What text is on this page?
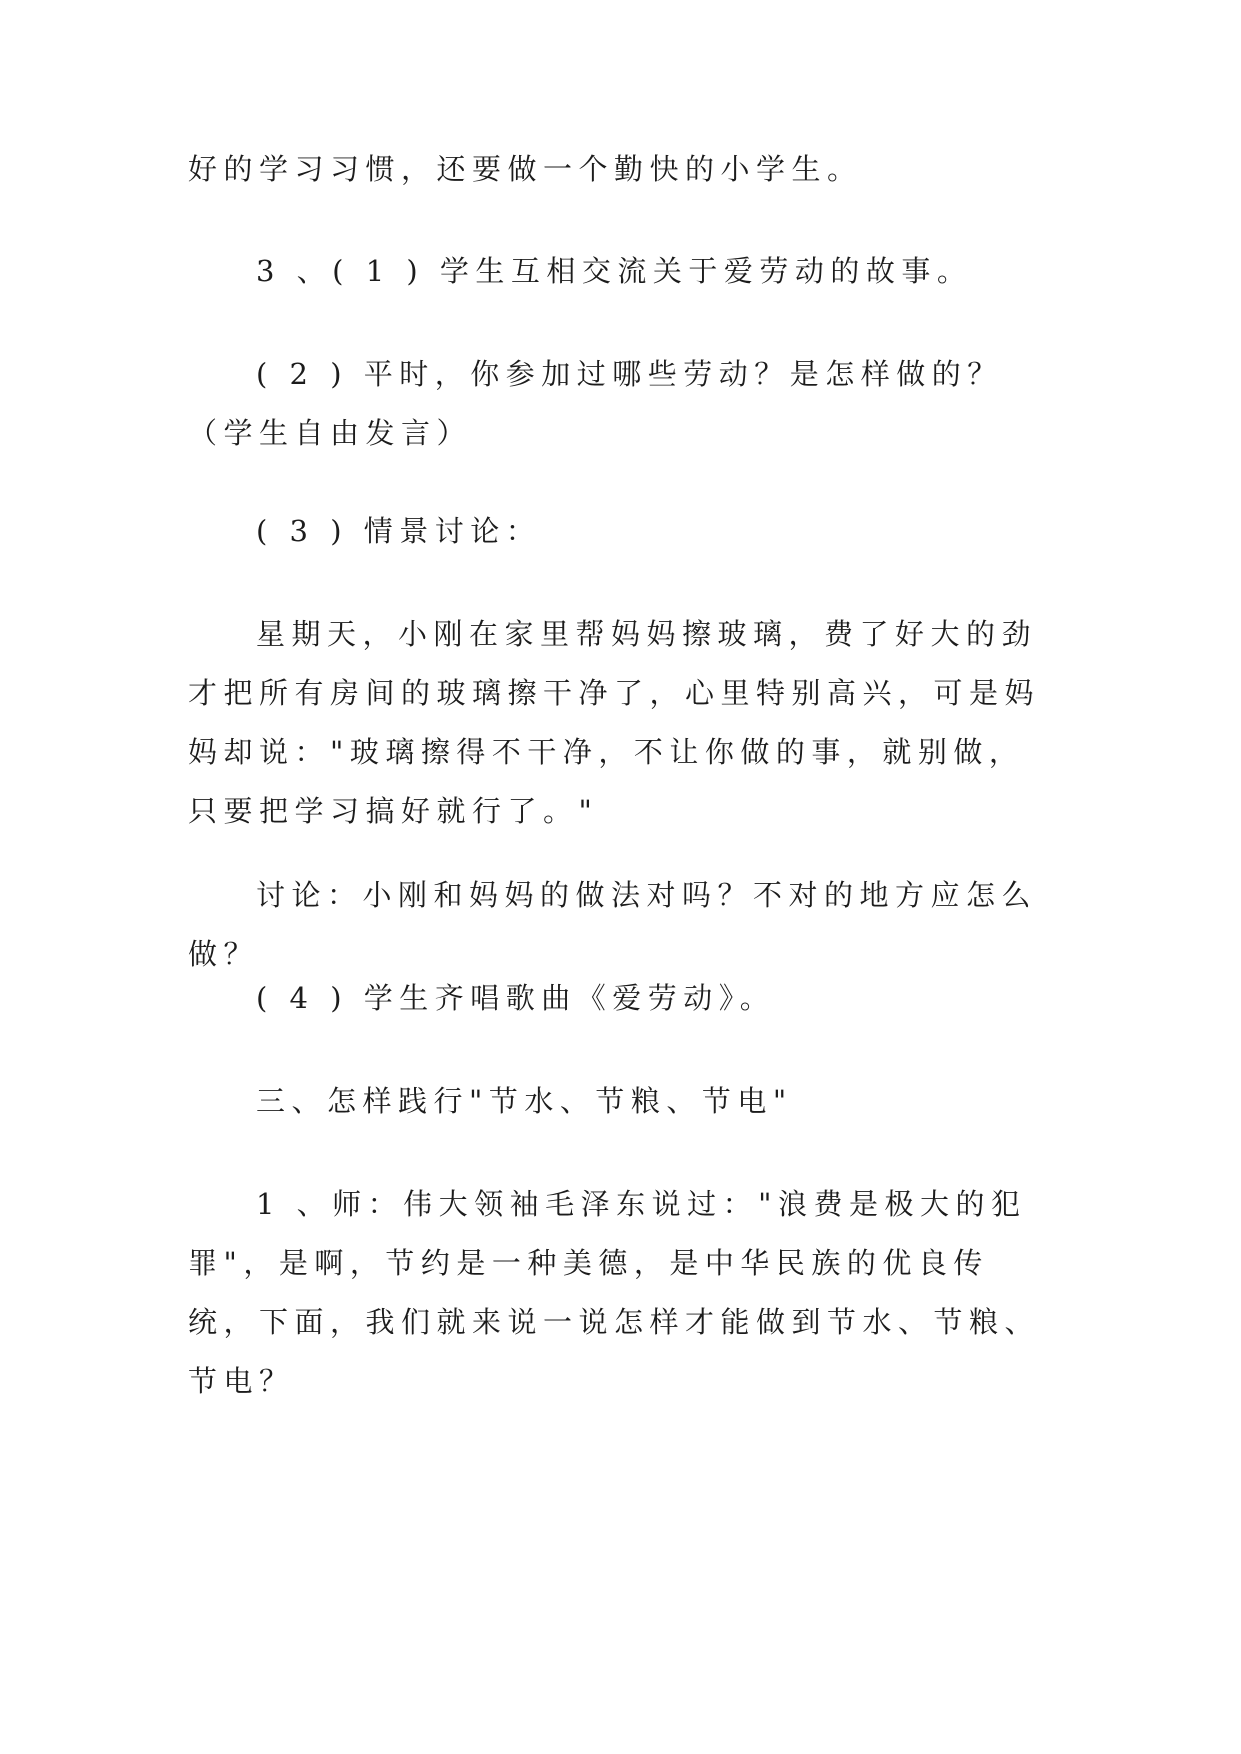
好的学习习惯，还要做一个勤快的小学生。

3 、( 1 ) 学生互相交流关于爱劳动的故事。

( 2 ) 平时，你参加过哪些劳动？是怎样做的？（学生自由发言）

( 3 ) 情景讨论：

星期天，小刚在家里帮妈妈擦玻璃，费了好大的劲才把所有房间的玻璃擦干净了，心里特别高兴，可是妈妈却说："玻璃擦得不干净，不让你做的事，就别做，只要把学习搞好就行了。"

讨论：小刚和妈妈的做法对吗？不对的地方应怎么做？

( 4 ) 学生齐唱歌曲《爱劳动》。

三、怎样践行"节水、节粮、节电"

1 、师：伟大领袖毛泽东说过："浪费是极大的犯罪"，是啊，节约是一种美德，是中华民族的优良传统，下面，我们就来说一说怎样才能做到节水、节粮、节电？
